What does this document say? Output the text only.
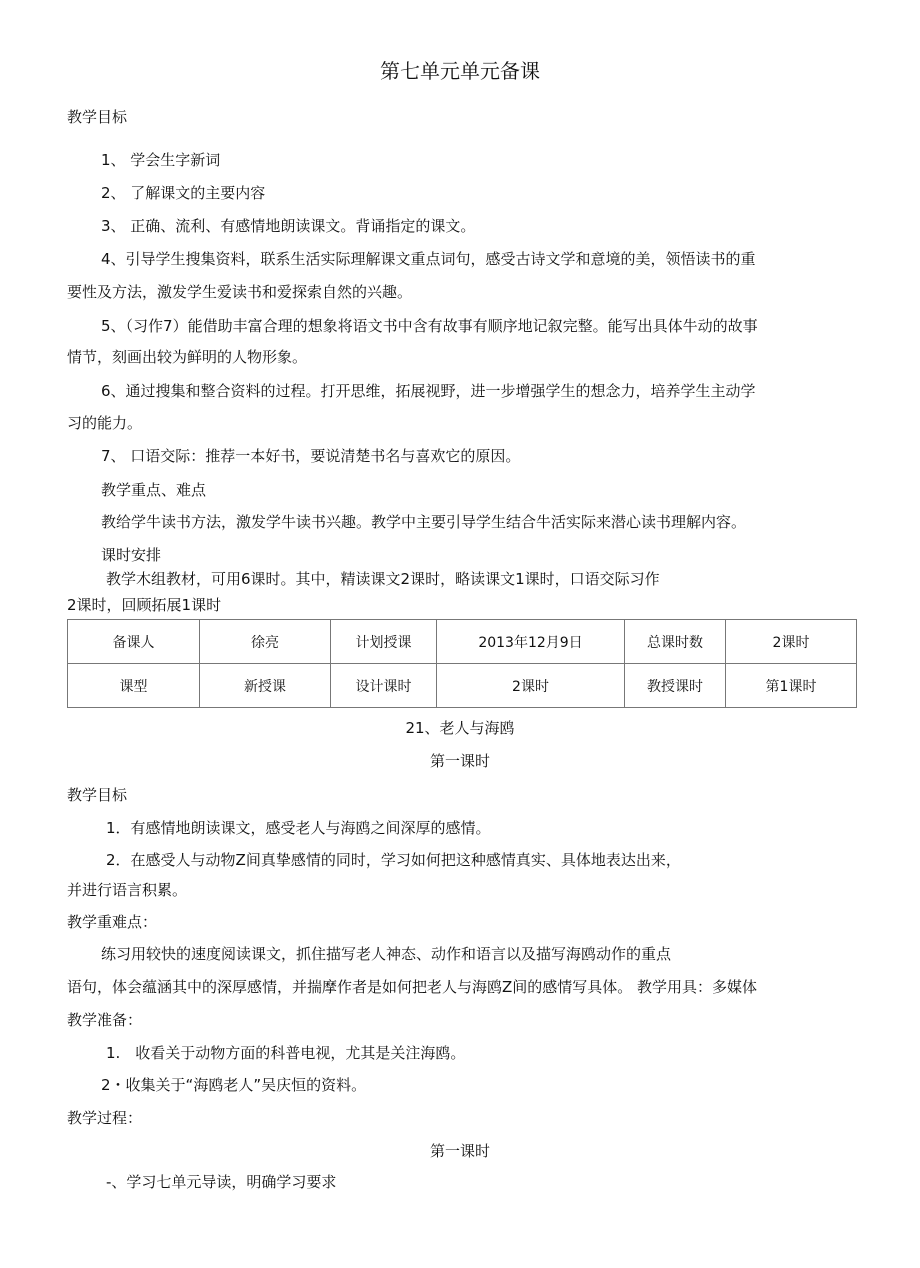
第七单元单元备课
教学目标
1、 学会生字新词
2、 了解课文的主要内容
3、 正确、流利、有感情地朗读课文。背诵指定的课文。
4、引导学生搜集资料，联系生活实际理解课文重点词句，感受古诗文学和意境的美，领悟读书的重
要性及方法，激发学生爱读书和爱探索自然的兴趣。
5、（习作7）能借助丰富合理的想象将语文书中含有故事有顺序地记叙完整。能写出具体牛动的故事
情节，刻画出较为鲜明的人物形象。
6、通过搜集和整合资料的过程。打开思维，拓展视野，进一步增强学生的想念力，培养学生主动学
习的能力。
7、 口语交际：推荐一本好书，要说清楚书名与喜欢它的原因。
教学重点、难点
教给学牛读书方法，激发学牛读书兴趣。教学中主要引导学生结合牛活实际来潜心读书理解内容。
课时安排
教学木组教材，可用6课时。其中，精读课文2课时，略读课文1课时，口语交际习作
2课时，回顾拓展1课时
备课人	徐亮	计划授课	2013年12月9日	总课时数	2课时
课型	新授课	设计课时	2课时	教授课时	第1课时
21、老人与海鸥
第一课时
教学目标
1．有感情地朗读课文，感受老人与海鸥之间深厚的感情。
2．在感受人与动物Z间真挚感情的同时，学习如何把这种感情真实、具体地表达出来，
并进行语言积累。
教学重难点：
练习用较快的速度阅读课文，抓住描写老人神态、动作和语言以及描写海鸥动作的重点
语句，体会蕴涵其中的深厚感情，并揣摩作者是如何把老人与海鸥Z间的感情写具体。 教学用具：多媒体
教学准备：
1.　收看关于动物方面的科普电视，尤其是关注海鸥。
2・收集关于“海鸥老人”吴庆恒的资料。
教学过程：
第一课时
-、学习七单元导读，明确学习要求
